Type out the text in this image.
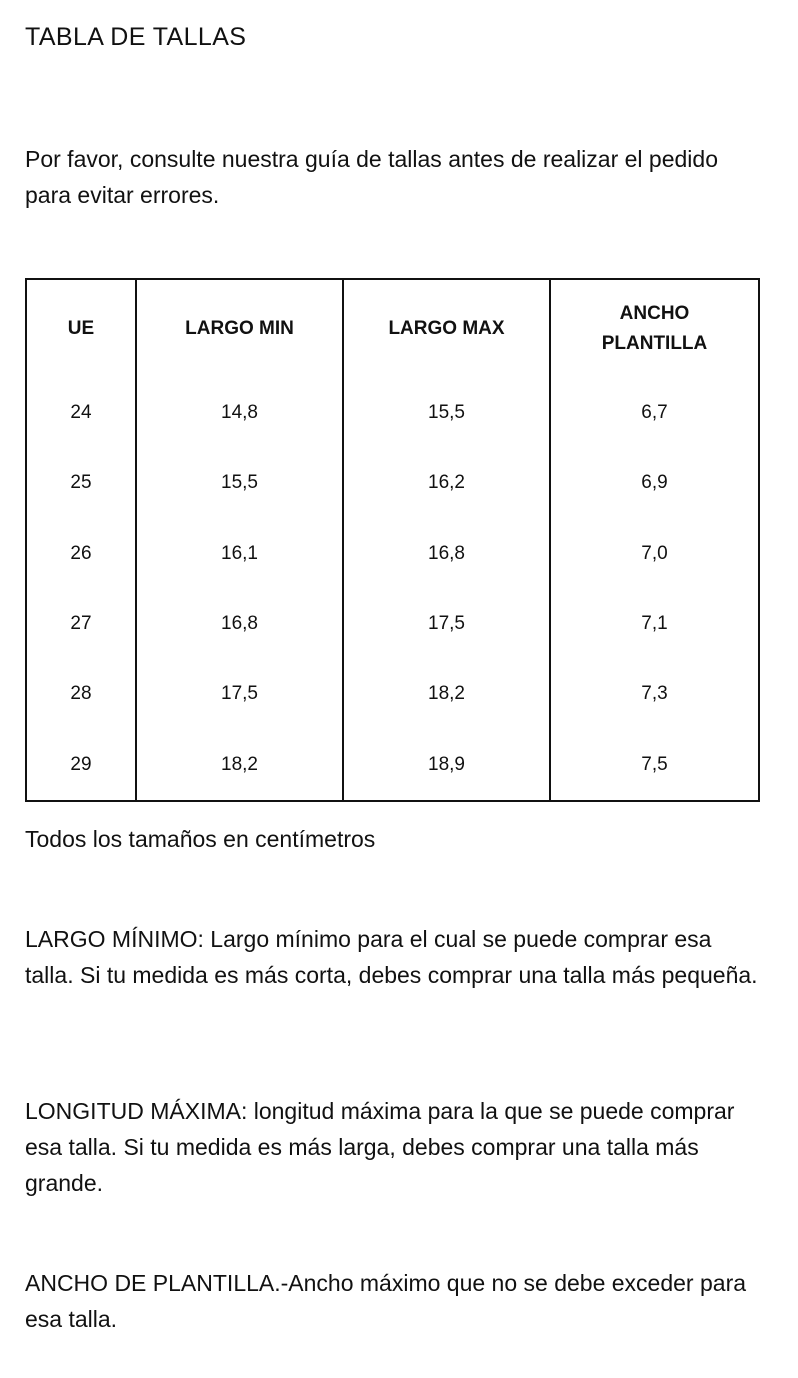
TABLA DE TALLAS

Por favor, consulte nuestra guía de tallas antes de realizar el pedido para evitar errores.

UE	LARGO MIN	LARGO MAX	ANCHO
PLANTILLA
24	14,8	15,5	6,7
25	15,5	16,2	6,9
26	16,1	16,8	7,0
27	16,8	17,5	7,1
28	17,5	18,2	7,3
29	18,2	18,9	7,5

Todos los tamaños en centímetros

LARGO MÍNIMO: Largo mínimo para el cual se puede comprar esa talla. Si tu medida es más corta, debes comprar una talla más pequeña.

LONGITUD MÁXIMA: longitud máxima para la que se puede comprar esa talla. Si tu medida es más larga, debes comprar una talla más grande.

ANCHO DE PLANTILLA.-Ancho máximo que no se debe exceder para esa talla.
